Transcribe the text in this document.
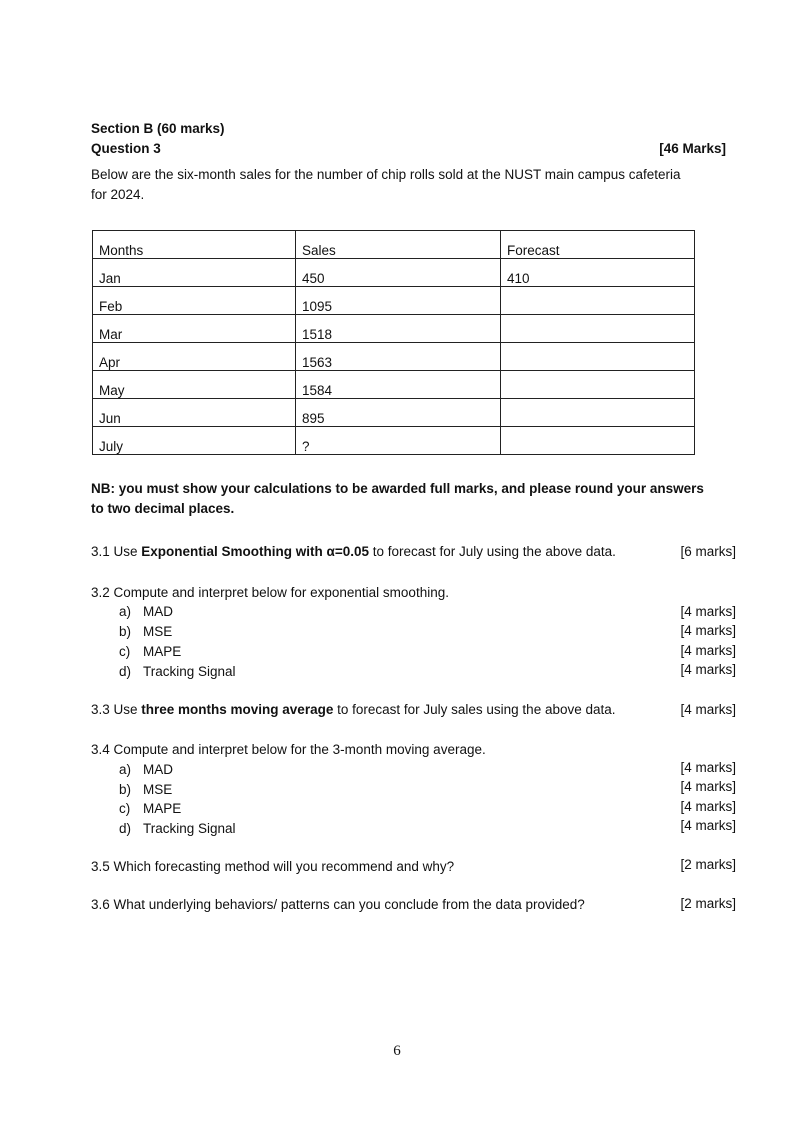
Section B (60 marks)
Question 3	[46 Marks]
Below are the six-month sales for the number of chip rolls sold at the NUST main campus cafeteria
for 2024.
Months	Sales	Forecast
Jan	450	410
Feb	1095	
Mar	1518	
Apr	1563	
May	1584	
Jun	895	
July	?	
NB: you must show your calculations to be awarded full marks, and please round your answers
to two decimal places.
3.1 Use Exponential Smoothing with α=0.05 to forecast for July using the above data.	[6 marks]
3.2 Compute and interpret below for exponential smoothing.
a) MAD	[4 marks]
b) MSE	[4 marks]
c) MAPE	[4 marks]
d) Tracking Signal	[4 marks]
3.3 Use three months moving average to forecast for July sales using the above data.	[4 marks]
3.4 Compute and interpret below for the 3-month moving average.
a) MAD	[4 marks]
b) MSE	[4 marks]
c) MAPE	[4 marks]
d) Tracking Signal	[4 marks]
3.5 Which forecasting method will you recommend and why?	[2 marks]
3.6 What underlying behaviors/ patterns can you conclude from the data provided?	[2 marks]
6
